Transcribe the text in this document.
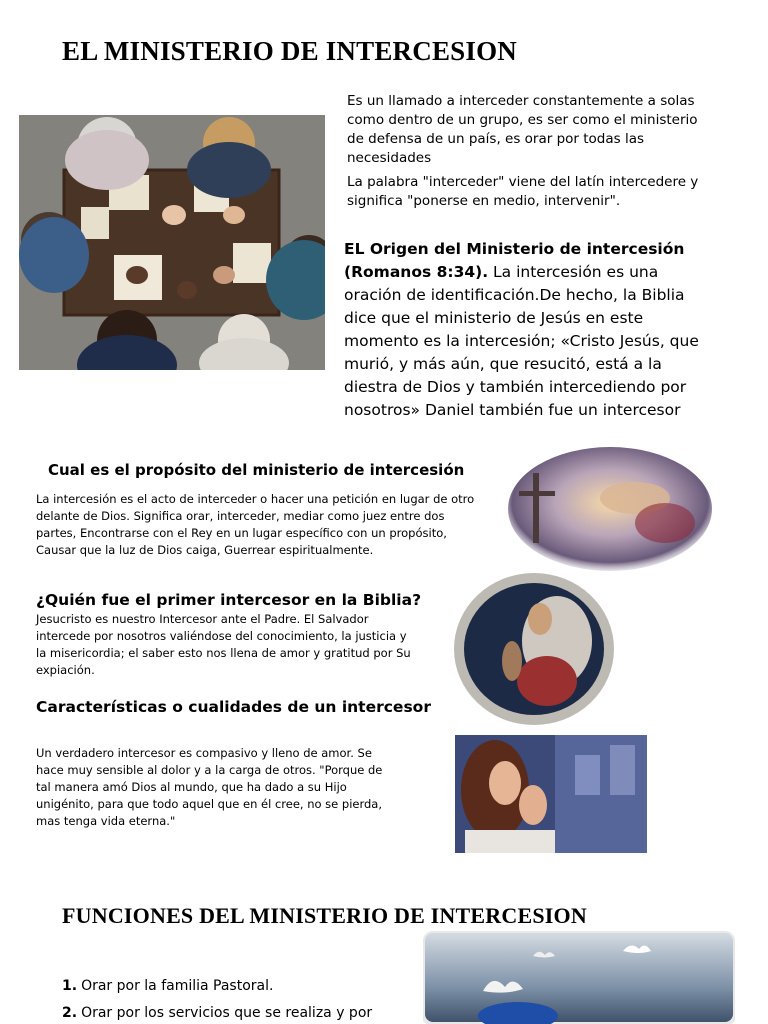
EL MINISTERIO DE INTERCESION

Es un llamado a interceder constantemente a solas como dentro de un grupo, es ser como el ministerio de defensa de un país, es orar por todas las necesidades

La palabra "interceder" viene del latín intercedere y significa "ponerse en medio, intervenir".

EL Origen del Ministerio de intercesión (Romanos 8:34). La intercesión es una oración de identificación.De hecho, la Biblia dice que el ministerio de Jesús en este momento es la intercesión; «Cristo Jesús, que murió, y más aún, que resucitó, está a la diestra de Dios y también intercediendo por nosotros» Daniel también fue un intercesor

Cual es el propósito del ministerio de intercesión

La intercesión es el acto de interceder o hacer una petición en lugar de otro delante de Dios. Significa orar, interceder, mediar como juez entre dos partes, Encontrarse con el Rey en un lugar específico con un propósito, Causar que la luz de Dios caiga, Guerrear espiritualmente.

¿Quién fue el primer intercesor en la Biblia?

Jesucristo es nuestro Intercesor ante el Padre. El Salvador intercede por nosotros valiéndose del conocimiento, la justicia y la misericordia; el saber esto nos llena de amor y gratitud por Su expiación.

Características o cualidades de un intercesor

Un verdadero intercesor es compasivo y lleno de amor. Se hace muy sensible al dolor y a la carga de otros. "Porque de tal manera amó Dios al mundo, que ha dado a su Hijo unigénito, para que todo aquel que en él cree, no se pierda, mas tenga vida eterna."

FUNCIONES DEL MINISTERIO DE INTERCESION
1. Orar por la familia Pastoral.
2. Orar por los servicios que se realiza y por
